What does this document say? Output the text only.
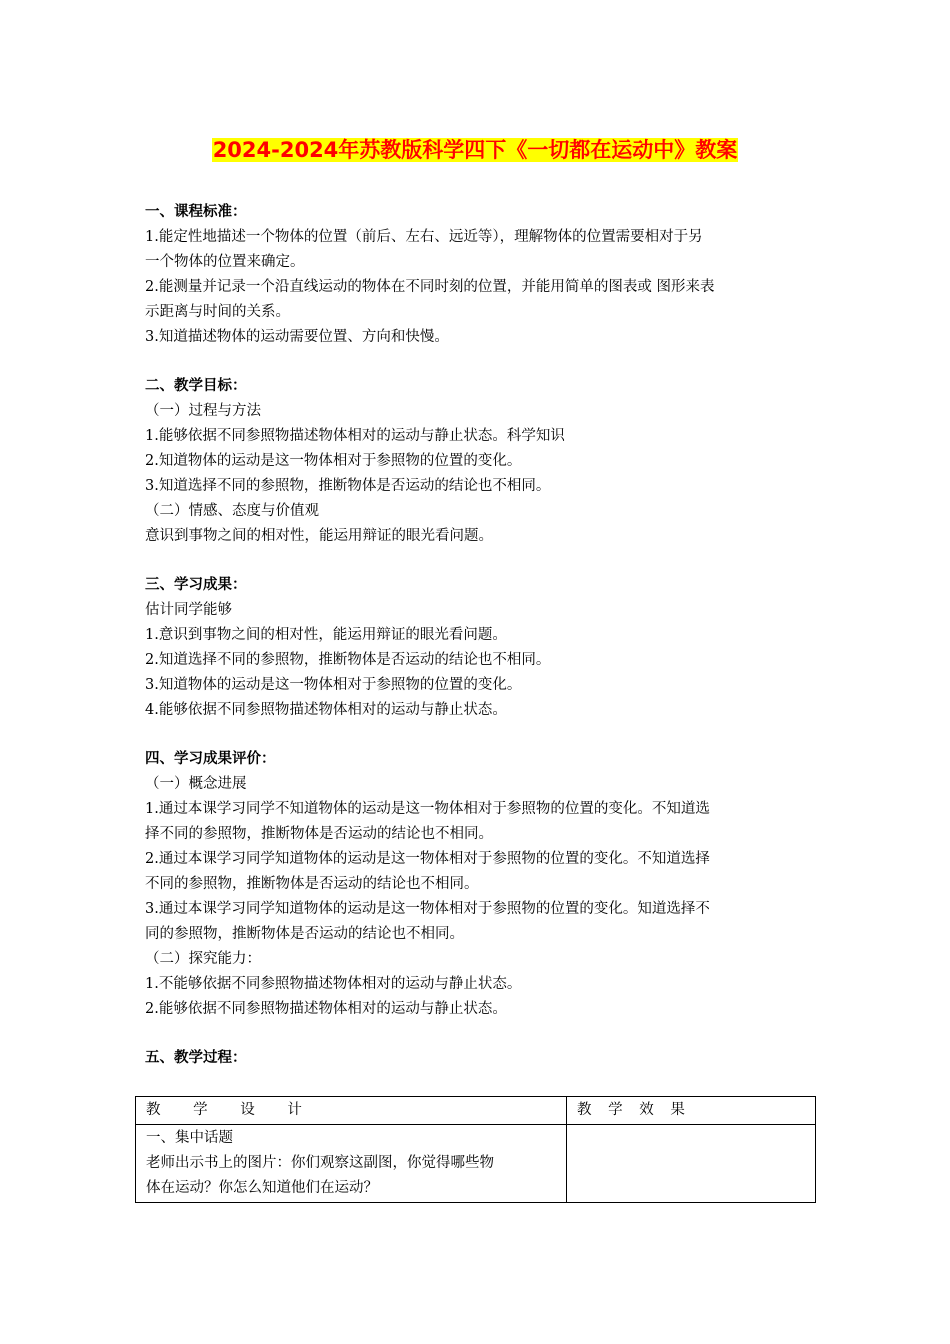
2024-2024年苏教版科学四下《一切都在运动中》教案
一、课程标准：
1.能定性地描述一个物体的位置（前后、左右、远近等），理解物体的位置需要相对于另
一个物体的位置来确定。
2.能测量并记录一个沿直线运动的物体在不同时刻的位置，并能用简单的图表或 图形来表
示距离与时间的关系。
3.知道描述物体的运动需要位置、方向和快慢。
二、教学目标：
（一）过程与方法
1.能够依据不同参照物描述物体相对的运动与静止状态。科学知识
2.知道物体的运动是这一物体相对于参照物的位置的变化。
3.知道选择不同的参照物，推断物体是否运动的结论也不相同。
（二）情感、态度与价值观
意识到事物之间的相对性，能运用辩证的眼光看问题。
三、学习成果：
估计同学能够
1.意识到事物之间的相对性，能运用辩证的眼光看问题。
2.知道选择不同的参照物，推断物体是否运动的结论也不相同。
3.知道物体的运动是这一物体相对于参照物的位置的变化。
4.能够依据不同参照物描述物体相对的运动与静止状态。
四、学习成果评价：
（一）概念进展
1.通过本课学习同学不知道物体的运动是这一物体相对于参照物的位置的变化。不知道选
择不同的参照物，推断物体是否运动的结论也不相同。
2.通过本课学习同学知道物体的运动是这一物体相对于参照物的位置的变化。不知道选择
不同的参照物，推断物体是否运动的结论也不相同。
3.通过本课学习同学知道物体的运动是这一物体相对于参照物的位置的变化。知道选择不
同的参照物，推断物体是否运动的结论也不相同。
（二）探究能力：
1.不能够依据不同参照物描述物体相对的运动与静止状态。
2.能够依据不同参照物描述物体相对的运动与静止状态。
五、教学过程：
教 学 设 计	教 学 效 果

一、集中话题
老师出示书上的图片：你们观察这副图，你觉得哪些物
体在运动？你怎么知道他们在运动？	
